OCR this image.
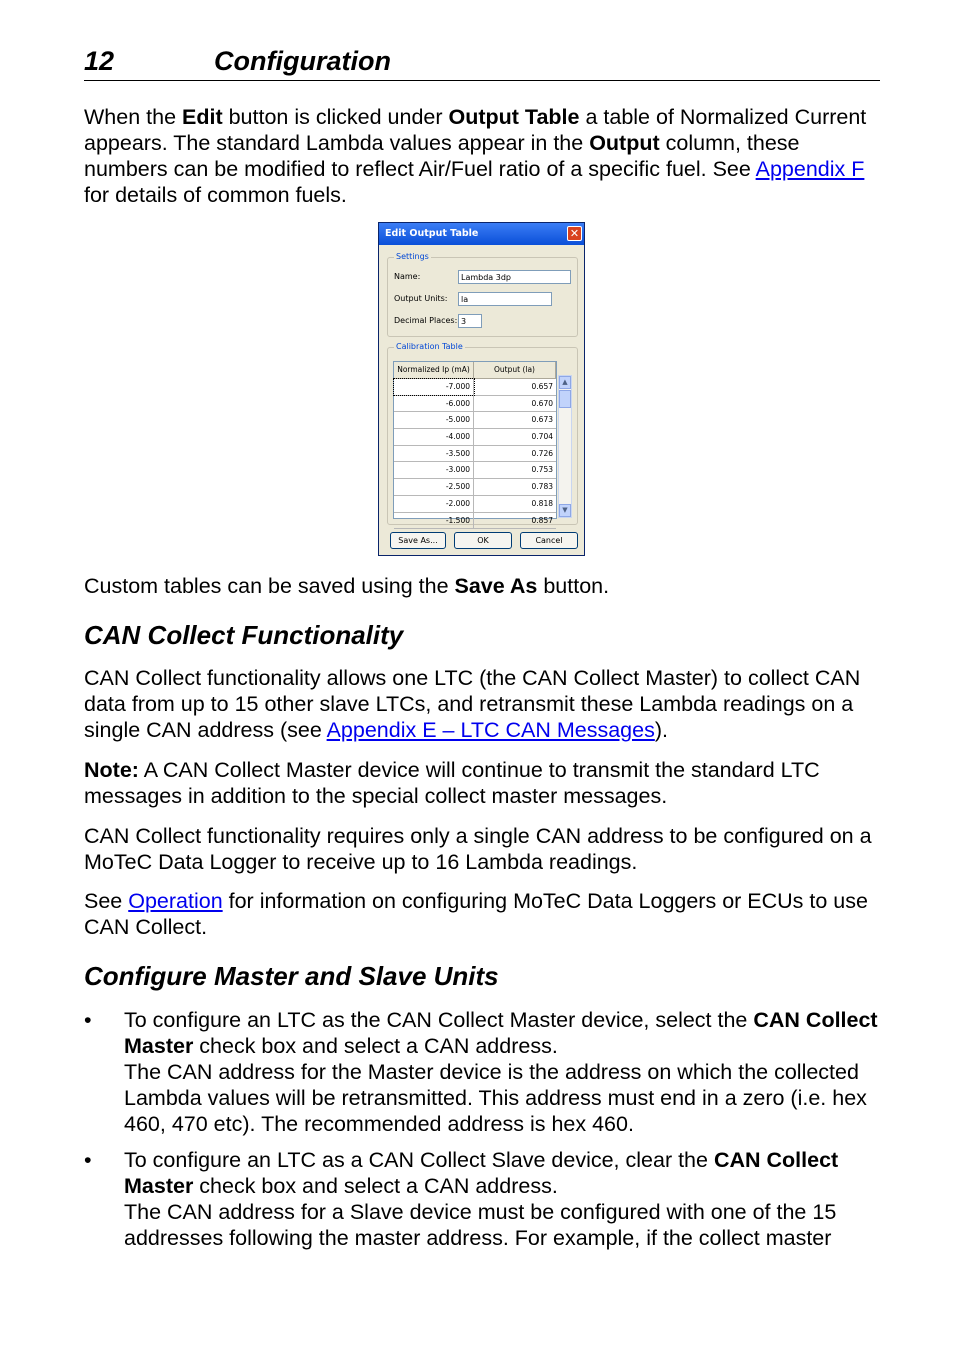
12	Configuration

When the Edit button is clicked under Output Table a table of Normalized Current appears. The standard Lambda values appear in the Output column, these numbers can be modified to reflect Air/Fuel ratio of a specific fuel. See Appendix F for details of common fuels.

Custom tables can be saved using the Save As button.

CAN Collect Functionality

CAN Collect functionality allows one LTC (the CAN Collect Master) to collect CAN data from up to 15 other slave LTCs, and retransmit these Lambda readings on a single CAN address (see Appendix E – LTC CAN Messages).

Note: A CAN Collect Master device will continue to transmit the standard LTC messages in addition to the special collect master messages.

CAN Collect functionality requires only a single CAN address to be configured on a MoTeC Data Logger to receive up to 16 Lambda readings.

See Operation for information on configuring MoTeC Data Loggers or ECUs to use CAN Collect.

Configure Master and Slave Units
• To configure an LTC as the CAN Collect Master device, select the CAN Collect Master check box and select a CAN address.
The CAN address for the Master device is the address on which the collected Lambda values will be retransmitted. This address must end in a zero (i.e. hex 460, 470 etc). The recommended address is hex 460.
• To configure an LTC as a CAN Collect Slave device, clear the CAN Collect Master check box and select a CAN address.
The CAN address for a Slave device must be configured with one of the 15 addresses following the master address. For example, if the collect master
Edit Output Table	✕
Settings
Name:	Lambda 3dp
Output Units:	la
Decimal Places: 3
Calibration Table
Normalized Ip (mA)	Output (la)
-7.000	0.657
-6.000	0.670
-5.000	0.673
-4.000	0.704
-3.500	0.726
-3.000	0.753
-2.500	0.783
-2.000	0.818
-1.500	0.857
▲
▼
Save As...	OK	Cancel
